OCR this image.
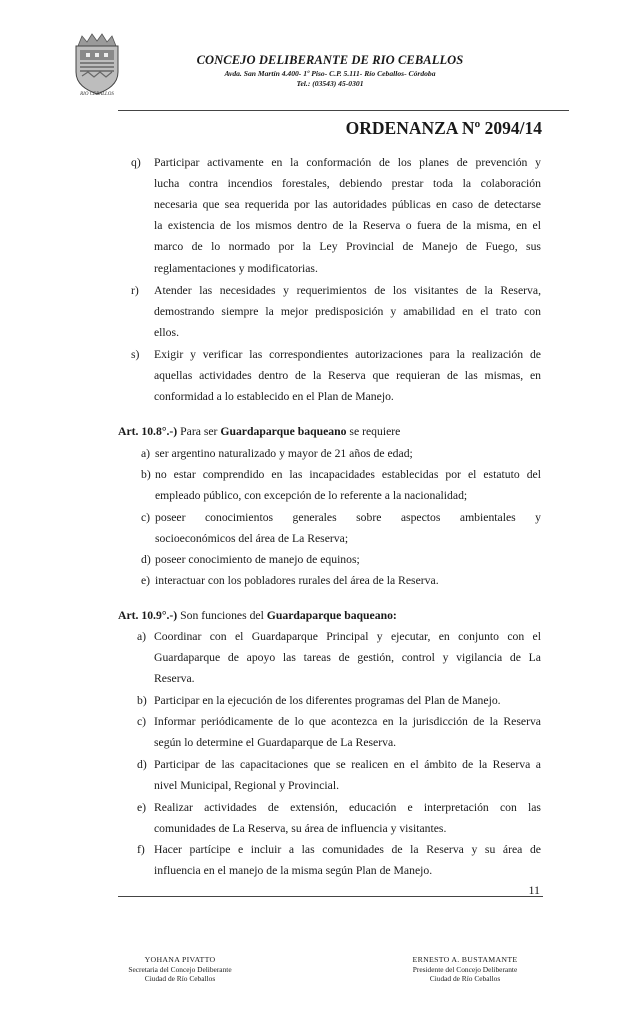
RIO CEBALLOS
CONCEJO DELIBERANTE DE RIO CEBALLOS
Avda. San Martín 4.400- 1º Piso- C.P. 5.111- Río Ceballos- Córdoba
Tel.: (03543) 45-0301
ORDENANZA Nº 2094/14
q) Participar activamente en la conformación de los planes de prevención y
lucha contra incendios forestales, debiendo prestar toda la colaboración
necesaria que sea requerida por las autoridades públicas en caso de detectarse
la existencia de los mismos dentro de la Reserva o fuera de la misma, en el
marco de lo normado por la Ley Provincial de Manejo de Fuego, sus
reglamentaciones y modificatorias.
r) Atender las necesidades y requerimientos de los visitantes de la Reserva,
demostrando siempre la mejor predisposición y amabilidad en el trato con
ellos.
s) Exigir y verificar las correspondientes autorizaciones para la realización de
aquellas actividades dentro de la Reserva que requieran de las mismas, en
conformidad a lo establecido en el Plan de Manejo.
Art. 10.8°.-) Para ser Guardaparque baqueano se requiere
a) ser argentino naturalizado y mayor de 21 años de edad;
b) no estar comprendido en las incapacidades establecidas por el estatuto del
empleado público, con excepción de lo referente a la nacionalidad;
c) poseer conocimientos generales sobre aspectos ambientales y
socioeconómicos del área de La Reserva;
d) poseer conocimiento de manejo de equinos;
e) interactuar con los pobladores rurales del área de la Reserva.
Art. 10.9°.-) Son funciones del Guardaparque baqueano:
a) Coordinar con el Guardaparque Principal y ejecutar, en conjunto con el
Guardaparque de apoyo las tareas de gestión, control y vigilancia de La
Reserva.
b) Participar en la ejecución de los diferentes programas del Plan de Manejo.
c) Informar periódicamente de lo que acontezca en la jurisdicción de la Reserva
según lo determine el Guardaparque de La Reserva.
d) Participar de las capacitaciones que se realicen en el ámbito de la Reserva a
nivel Municipal, Regional y Provincial.
e) Realizar actividades de extensión, educación e interpretación con las
comunidades de La Reserva, su área de influencia y visitantes.
f) Hacer partícipe e incluir a las comunidades de la Reserva y su área de
influencia en el manejo de la misma según Plan de Manejo.
11
YOHANA PIVATTO
Secretaria del Concejo Deliberante
Ciudad de Río Ceballos
ERNESTO A. BUSTAMANTE
Presidente del Concejo Deliberante
Ciudad de Río Ceballos
